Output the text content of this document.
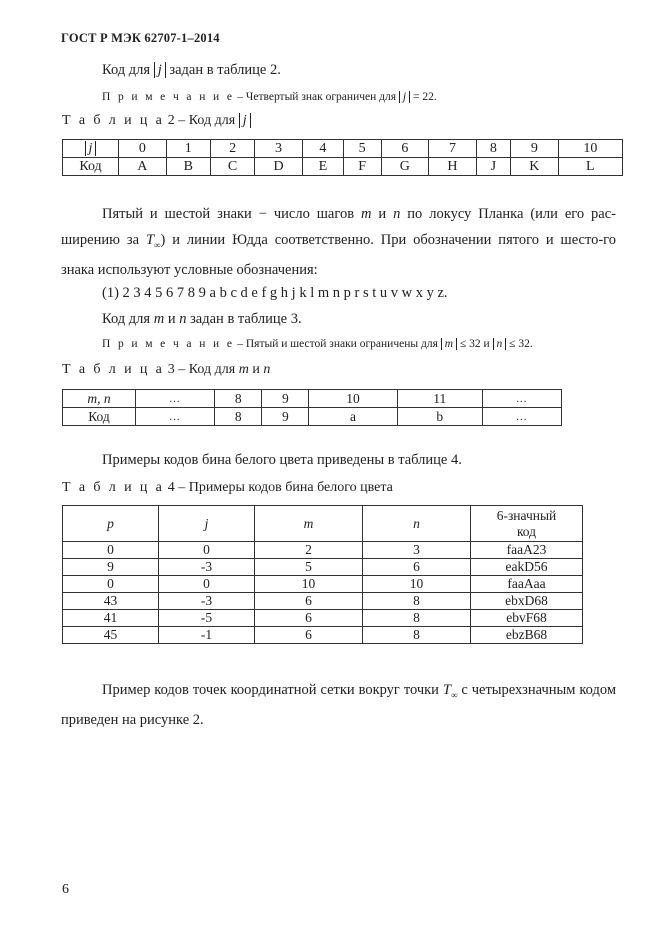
ГОСТ Р МЭК 62707-1–2014
Код для j задан в таблице 2.
П р и м е ч а н и е – Четвертый знак ограничен для j = 22.
Т а б л и ц а 2 – Код для j
j	0	1	2	3	4	5	6	7	8	9	10
Код	A	B	C	D	E	F	G	H	J	K	L

Пятый и шестой знаки − число шагов m и n по локусу Планка (или его рас-ширению за $T_\infty$) и линии Юдда соответственно. При обозначении пятого и шесто-го знака используют условные обозначения:

(1) 2 3 4 5 6 7 8 9 a b c d e f g h j k l m n p r s t u v w x y z.
Код для m и n задан в таблице 3.
П р и м е ч а н и е – Пятый и шестой знаки ограничены для m ≤ 32 и n ≤ 32.
Т а б л и ц а 3 – Код для m и n
m, n	…	8	9	10	11	…
Код	…	8	9	a	b	…
Примеры кодов бина белого цвета приведены в таблице 4.
Т а б л и ц а 4 – Примеры кодов бина белого цвета
p	j	m	n	6-значный
код
0	0	2	3	faaA23
9	-3	5	6	eakD56
0	0	10	10	faaAaa
43	-3	6	8	ebxD68
41	-5	6	8	ebvF68
45	-1	6	8	ebzB68

Пример кодов точек координатной сетки вокруг точки $T_\infty$ с четырехзначным кодом приведен на рисунке 2.

6
